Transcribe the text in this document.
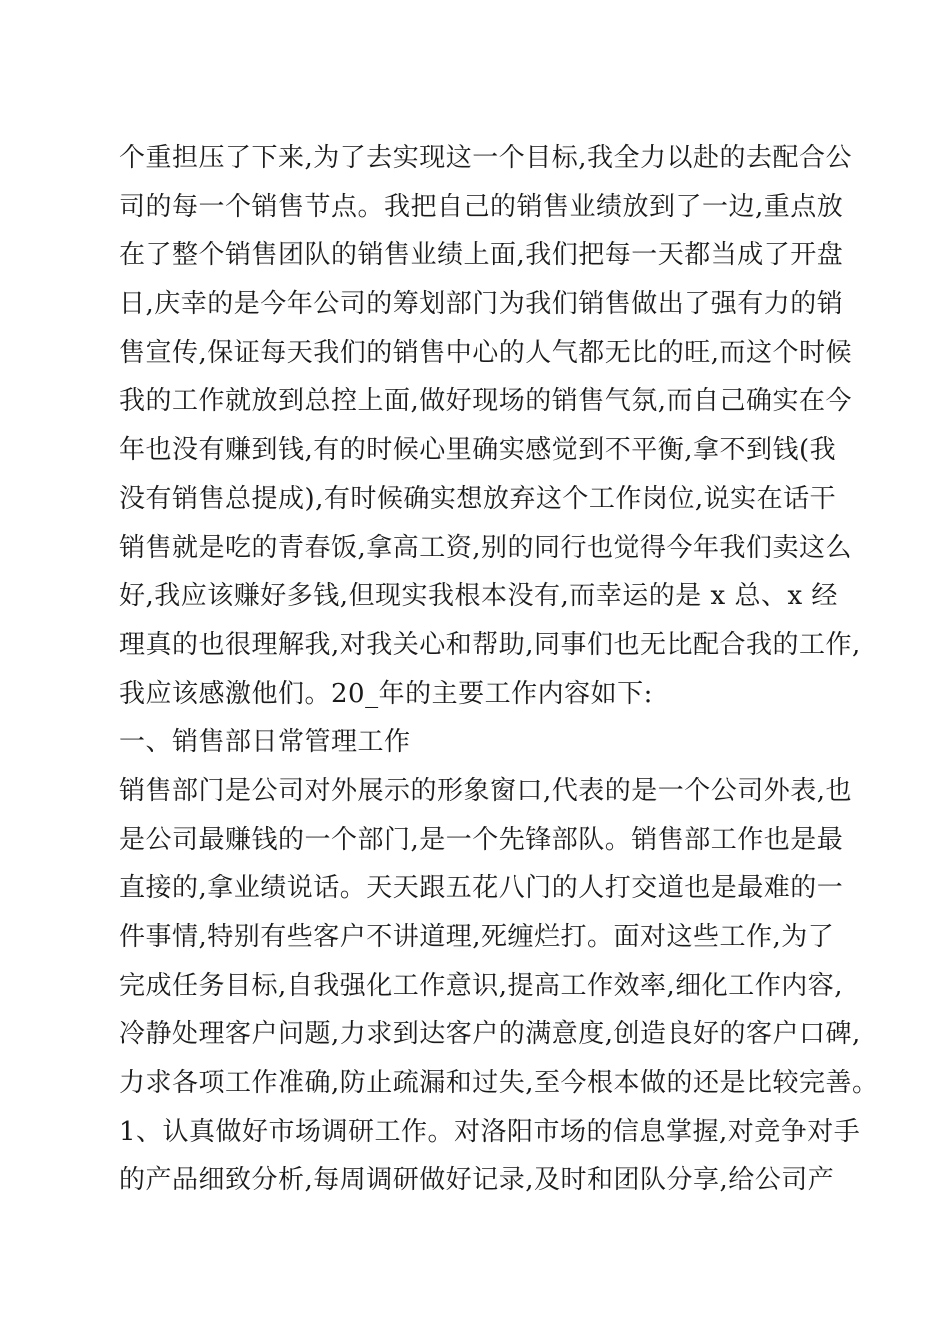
个重担压了下来,为了去实现这一个目标,我全力以赴的去配合公
司的每一个销售节点。我把自己的销售业绩放到了一边,重点放
在了整个销售团队的销售业绩上面,我们把每一天都当成了开盘
日,庆幸的是今年公司的筹划部门为我们销售做出了强有力的销
售宣传,保证每天我们的销售中心的人气都无比的旺,而这个时候
我的工作就放到总控上面,做好现场的销售气氛,而自己确实在今
年也没有赚到钱,有的时候心里确实感觉到不平衡,拿不到钱(我
没有销售总提成),有时候确实想放弃这个工作岗位,说实在话干
销售就是吃的青春饭,拿高工资,别的同行也觉得今年我们卖这么
好,我应该赚好多钱,但现实我根本没有,而幸运的是 x 总、x 经
理真的也很理解我,对我关心和帮助,同事们也无比配合我的工作,
我应该感激他们。20_年的主要工作内容如下:
一、销售部日常管理工作
销售部门是公司对外展示的形象窗口,代表的是一个公司外表,也
是公司最赚钱的一个部门,是一个先锋部队。销售部工作也是最
直接的,拿业绩说话。天天跟五花八门的人打交道也是最难的一
件事情,特别有些客户不讲道理,死缠烂打。面对这些工作,为了
完成任务目标,自我强化工作意识,提高工作效率,细化工作内容,
冷静处理客户问题,力求到达客户的满意度,创造良好的客户口碑,
力求各项工作准确,防止疏漏和过失,至今根本做的还是比较完善。
1、认真做好市场调研工作。对洛阳市场的信息掌握,对竞争对手
的产品细致分析,每周调研做好记录,及时和团队分享,给公司产
